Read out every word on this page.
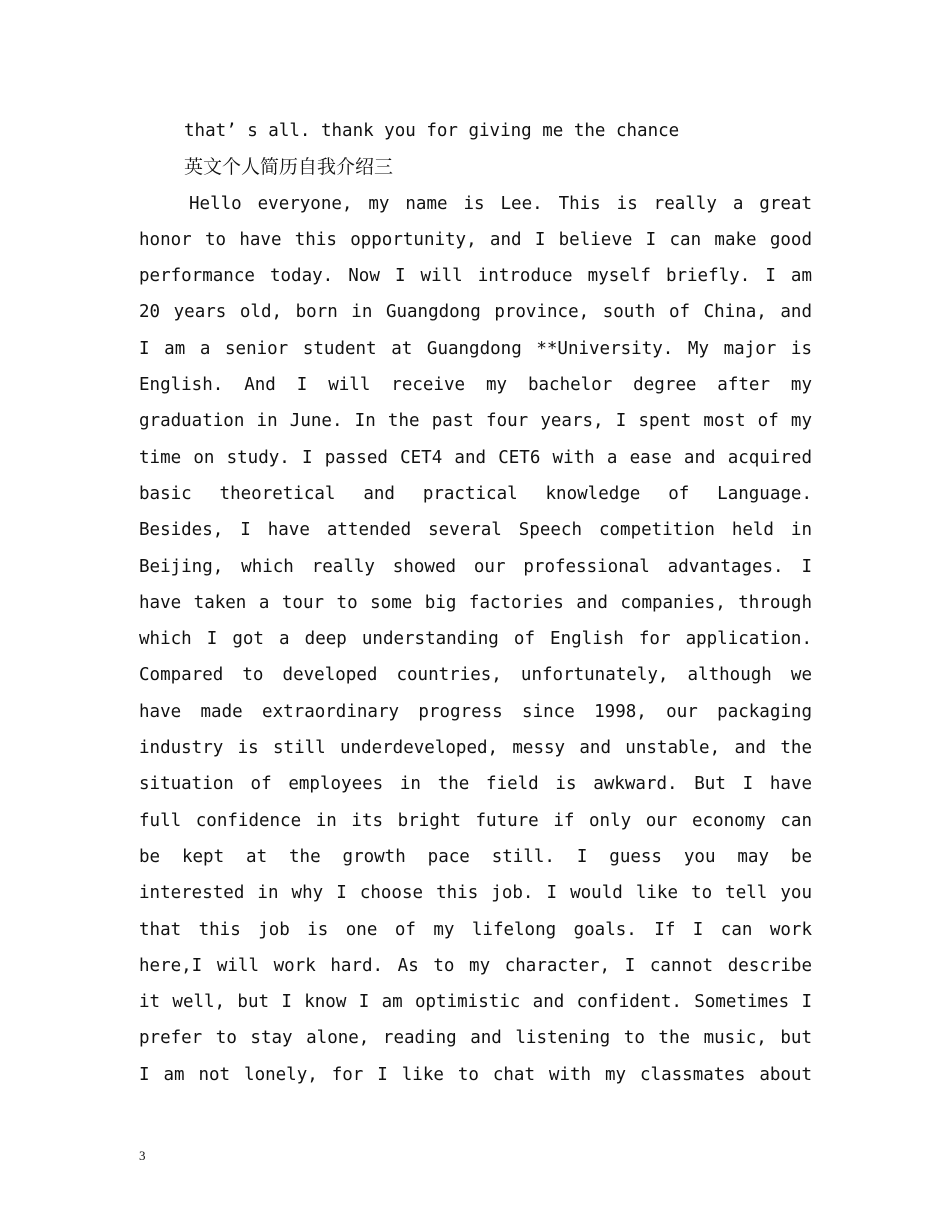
that’ s all. thank you for giving me the chance
英文个人简历自我介绍三
Hello everyone, my name is Lee. This is really a great
honor to have this opportunity, and I believe I can make good
performance today. Now I will introduce myself briefly. I am
20 years old, born in Guangdong province, south of China, and
I am a senior student at Guangdong **University. My major is
English. And I will receive my bachelor degree after my
graduation in June. In the past four years, I spent most of my
time on study. I passed CET4 and CET6 with a ease and acquired
basic theoretical and practical knowledge of Language.
Besides, I have attended several Speech competition held in
Beijing, which really showed our professional advantages. I
have taken a tour to some big factories and companies, through
which I got a deep understanding of English for application.
Compared to developed countries, unfortunately, although we
have made extraordinary progress since 1998, our packaging
industry is still underdeveloped, messy and unstable, and the
situation of employees in the field is awkward. But I have
full confidence in its bright future if only our economy can
be kept at the growth pace still. I guess you may be
interested in why I choose this job. I would like to tell you
that this job is one of my lifelong goals. If I can work
here,I will work hard. As to my character, I cannot describe
it well, but I know I am optimistic and confident. Sometimes I
prefer to stay alone, reading and listening to the music, but
I am not lonely, for I like to chat with my classmates about
3
